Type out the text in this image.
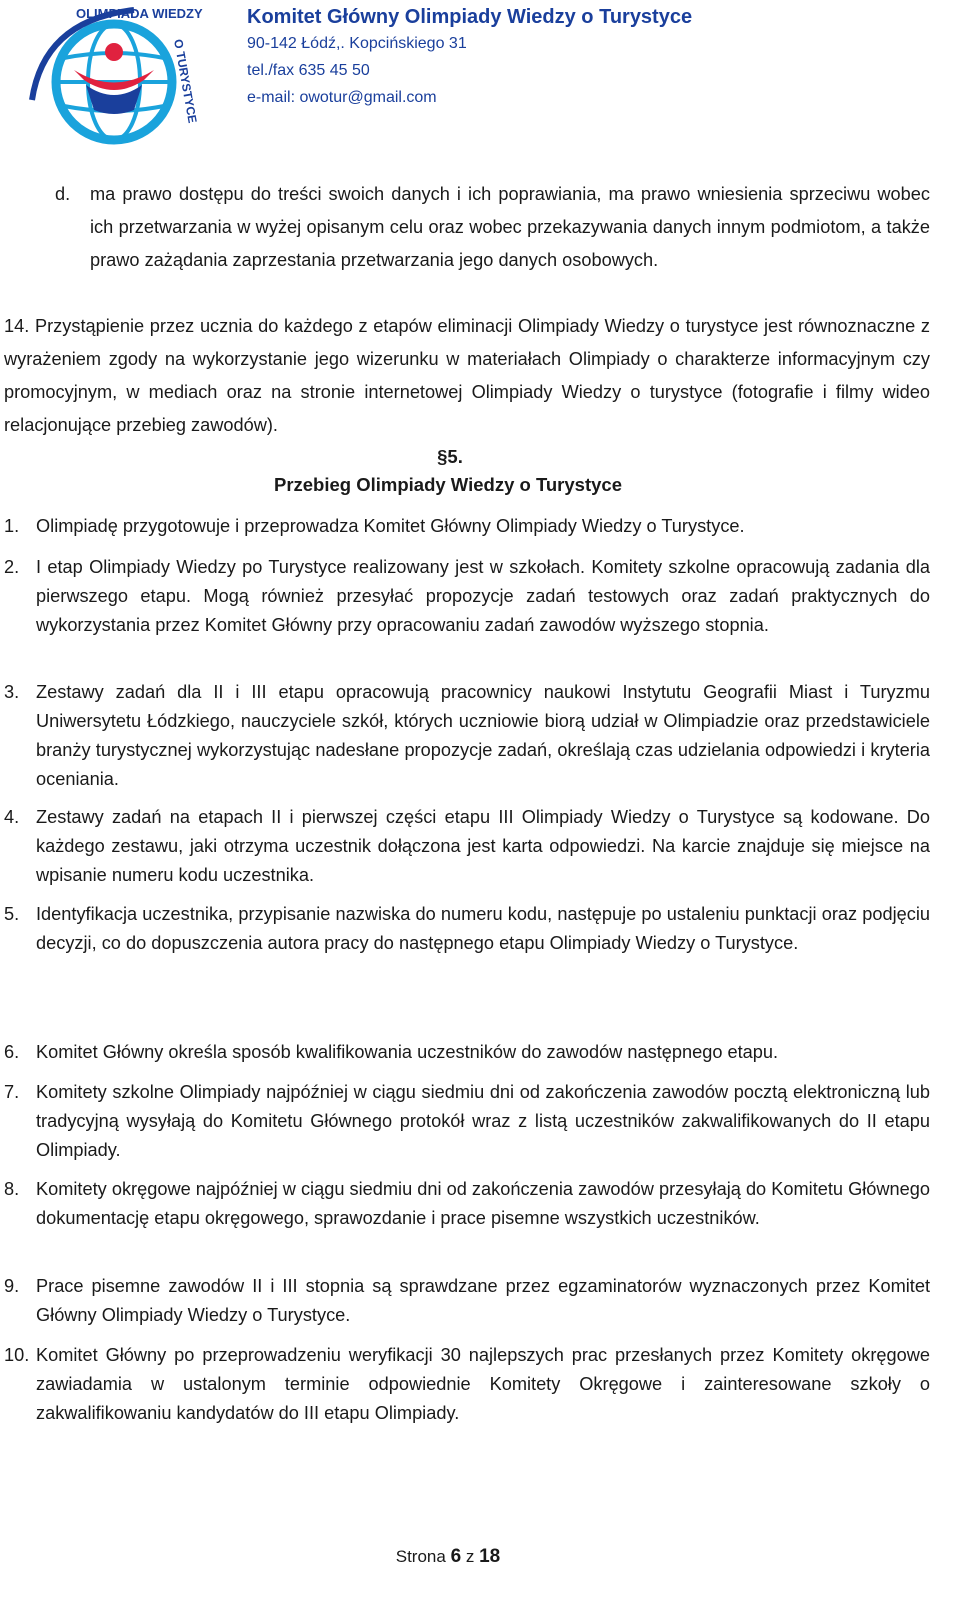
OLIMPIADA WIEDZY
O TURYSTYCE

Komitet Główny Olimpiady Wiedzy o Turystyce

90-142 Łódź,. Kopcińskiego 31

tel./fax 635 45 50

e-mail: owotur@gmail.com

d. ma prawo dostępu do treści swoich danych i ich poprawiania, ma prawo wniesienia sprzeciwu wobec ich przetwarzania w wyżej opisanym celu oraz wobec przekazywania danych innym podmiotom, a także prawo zażądania zaprzestania przetwarzania jego danych osobowych.

14. Przystąpienie przez ucznia do każdego z etapów eliminacji Olimpiady Wiedzy o turystyce jest równoznaczne z wyrażeniem zgody na wykorzystanie jego wizerunku w materiałach Olimpiady o charakterze informacyjnym czy promocyjnym, w mediach oraz na stronie internetowej Olimpiady Wiedzy o turystyce (fotografie i filmy wideo relacjonujące przebieg zawodów).

§5.
Przebieg Olimpiady Wiedzy o Turystyce
1. Olimpiadę przygotowuje i przeprowadza Komitet Główny Olimpiady Wiedzy o Turystyce.

2. I etap Olimpiady Wiedzy po Turystyce realizowany jest w szkołach. Komitety szkolne opracowują zadania dla pierwszego etapu. Mogą również przesyłać propozycje zadań testowych oraz zadań praktycznych do wykorzystania przez Komitet Główny przy opracowaniu zadań zawodów wyższego stopnia.

3. Zestawy zadań dla II i III etapu opracowują pracownicy naukowi Instytutu Geografii Miast i Turyzmu Uniwersytetu Łódzkiego, nauczyciele szkół, których uczniowie biorą udział w Olimpiadzie oraz przedstawiciele branży turystycznej wykorzystując nadesłane propozycje zadań, określają czas udzielania odpowiedzi i kryteria oceniania.

4. Zestawy zadań na etapach II i pierwszej części etapu III Olimpiady Wiedzy o Turystyce są kodowane. Do każdego zestawu, jaki otrzyma uczestnik dołączona jest karta odpowiedzi. Na karcie znajduje się miejsce na wpisanie numeru kodu uczestnika.

5. Identyfikacja uczestnika, przypisanie nazwiska do numeru kodu, następuje po ustaleniu punktacji oraz podjęciu decyzji, co do dopuszczenia autora pracy do następnego etapu Olimpiady Wiedzy o Turystyce.

6. Komitet Główny określa sposób kwalifikowania uczestników do zawodów następnego etapu.

7. Komitety szkolne Olimpiady najpóźniej w ciągu siedmiu dni od zakończenia zawodów pocztą elektroniczną lub tradycyjną wysyłają do Komitetu Głównego protokół wraz z listą uczestników zakwalifikowanych do II etapu Olimpiady.

8. Komitety okręgowe najpóźniej w ciągu siedmiu dni od zakończenia zawodów przesyłają do Komitetu Głównego dokumentację etapu okręgowego, sprawozdanie i prace pisemne wszystkich uczestników.

9. Prace pisemne zawodów II i III stopnia są sprawdzane przez egzaminatorów wyznaczonych przez Komitet Główny Olimpiady Wiedzy o Turystyce.

10. Komitet Główny po przeprowadzeniu weryfikacji 30 najlepszych prac przesłanych przez Komitety okręgowe zawiadamia w ustalonym terminie odpowiednie Komitety Okręgowe i zainteresowane szkoły o zakwalifikowaniu kandydatów do III etapu Olimpiady.

Strona 6 z 18
